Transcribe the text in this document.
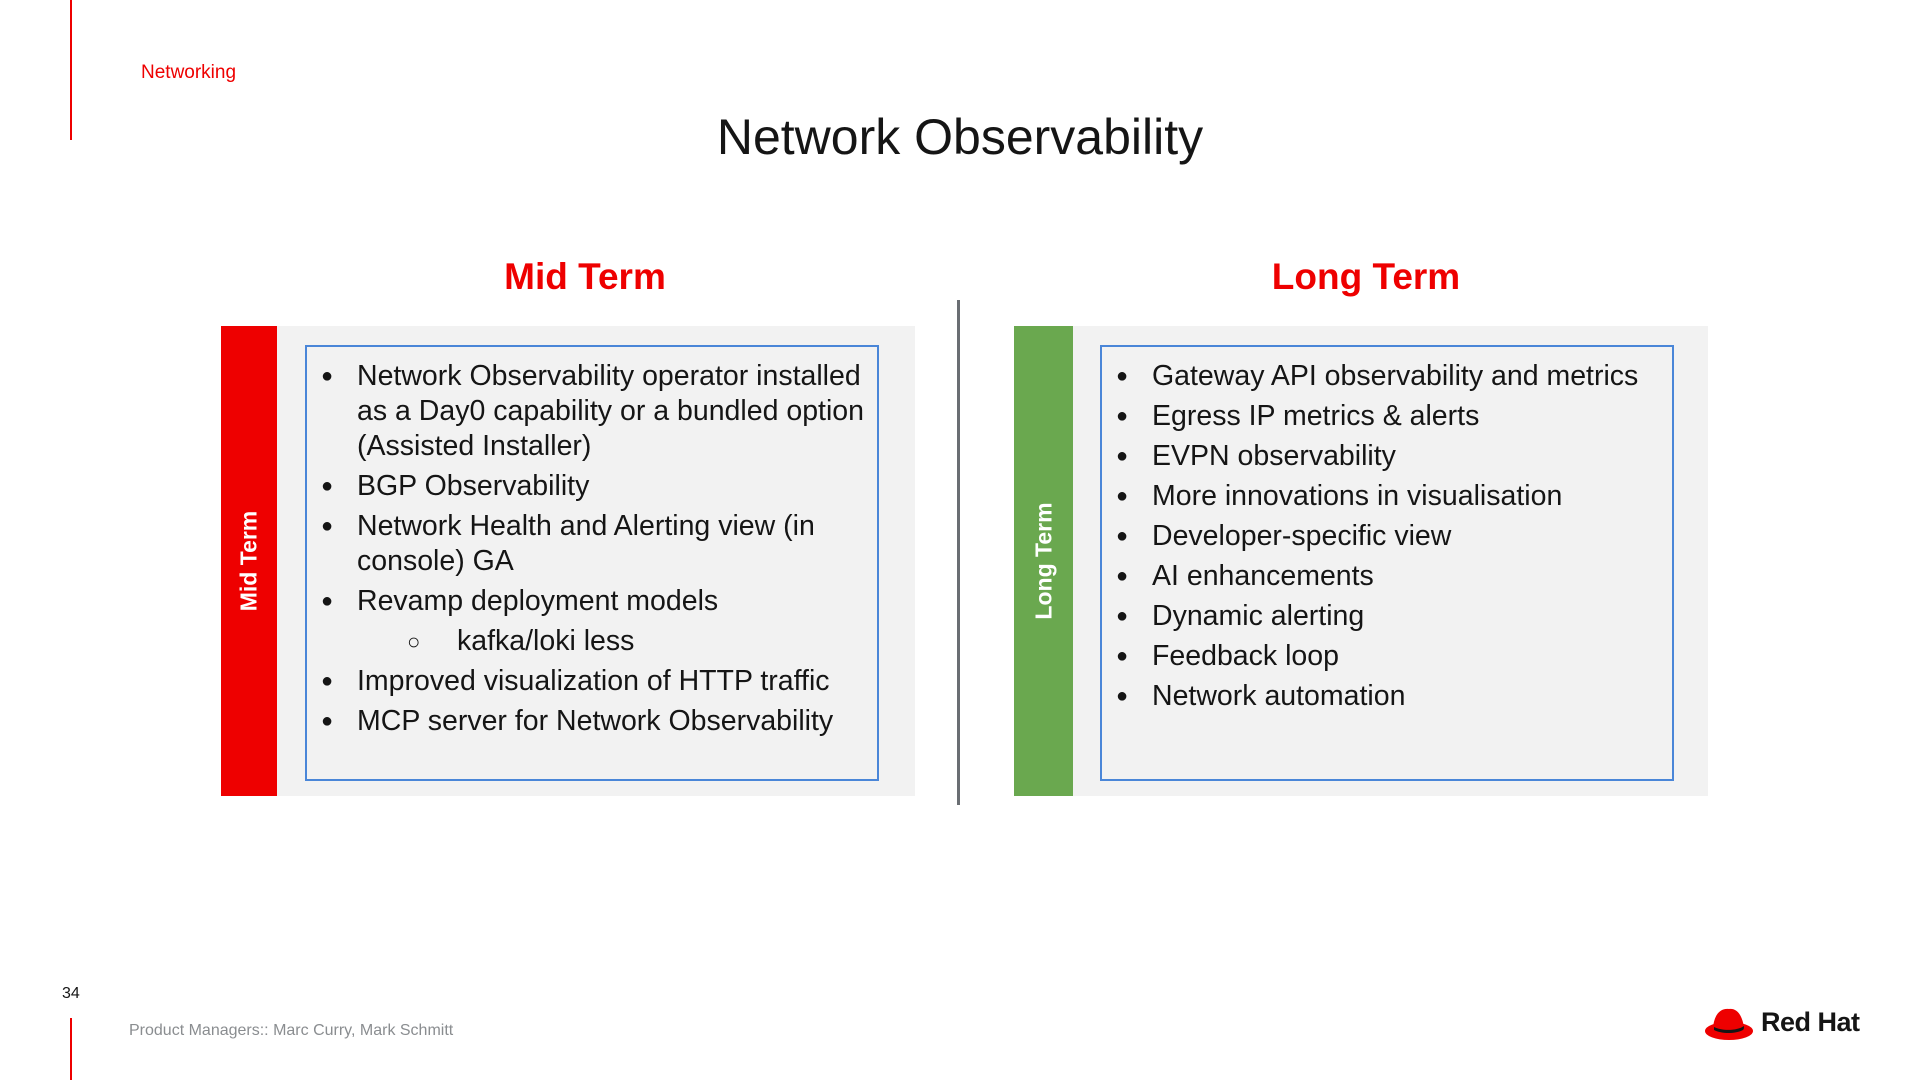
Networking
Network Observability
Mid Term	Long Term
Mid Term
● Network Observability operator installed as a Day0 capability or a bundled option (Assisted Installer)
● BGP Observability
● Network Health and Alerting view (in console) GA
● Revamp deployment models
○ kafka/loki less
● Improved visualization of HTTP traffic
● MCP server for Network Observability
Long Term
● Gateway API observability and metrics
● Egress IP metrics & alerts
● EVPN observability
● More innovations in visualisation
● Developer-specific view
● AI enhancements
● Dynamic alerting
● Feedback loop
● Network automation
34
Product Managers:: Marc Curry, Mark Schmitt	Red Hat
